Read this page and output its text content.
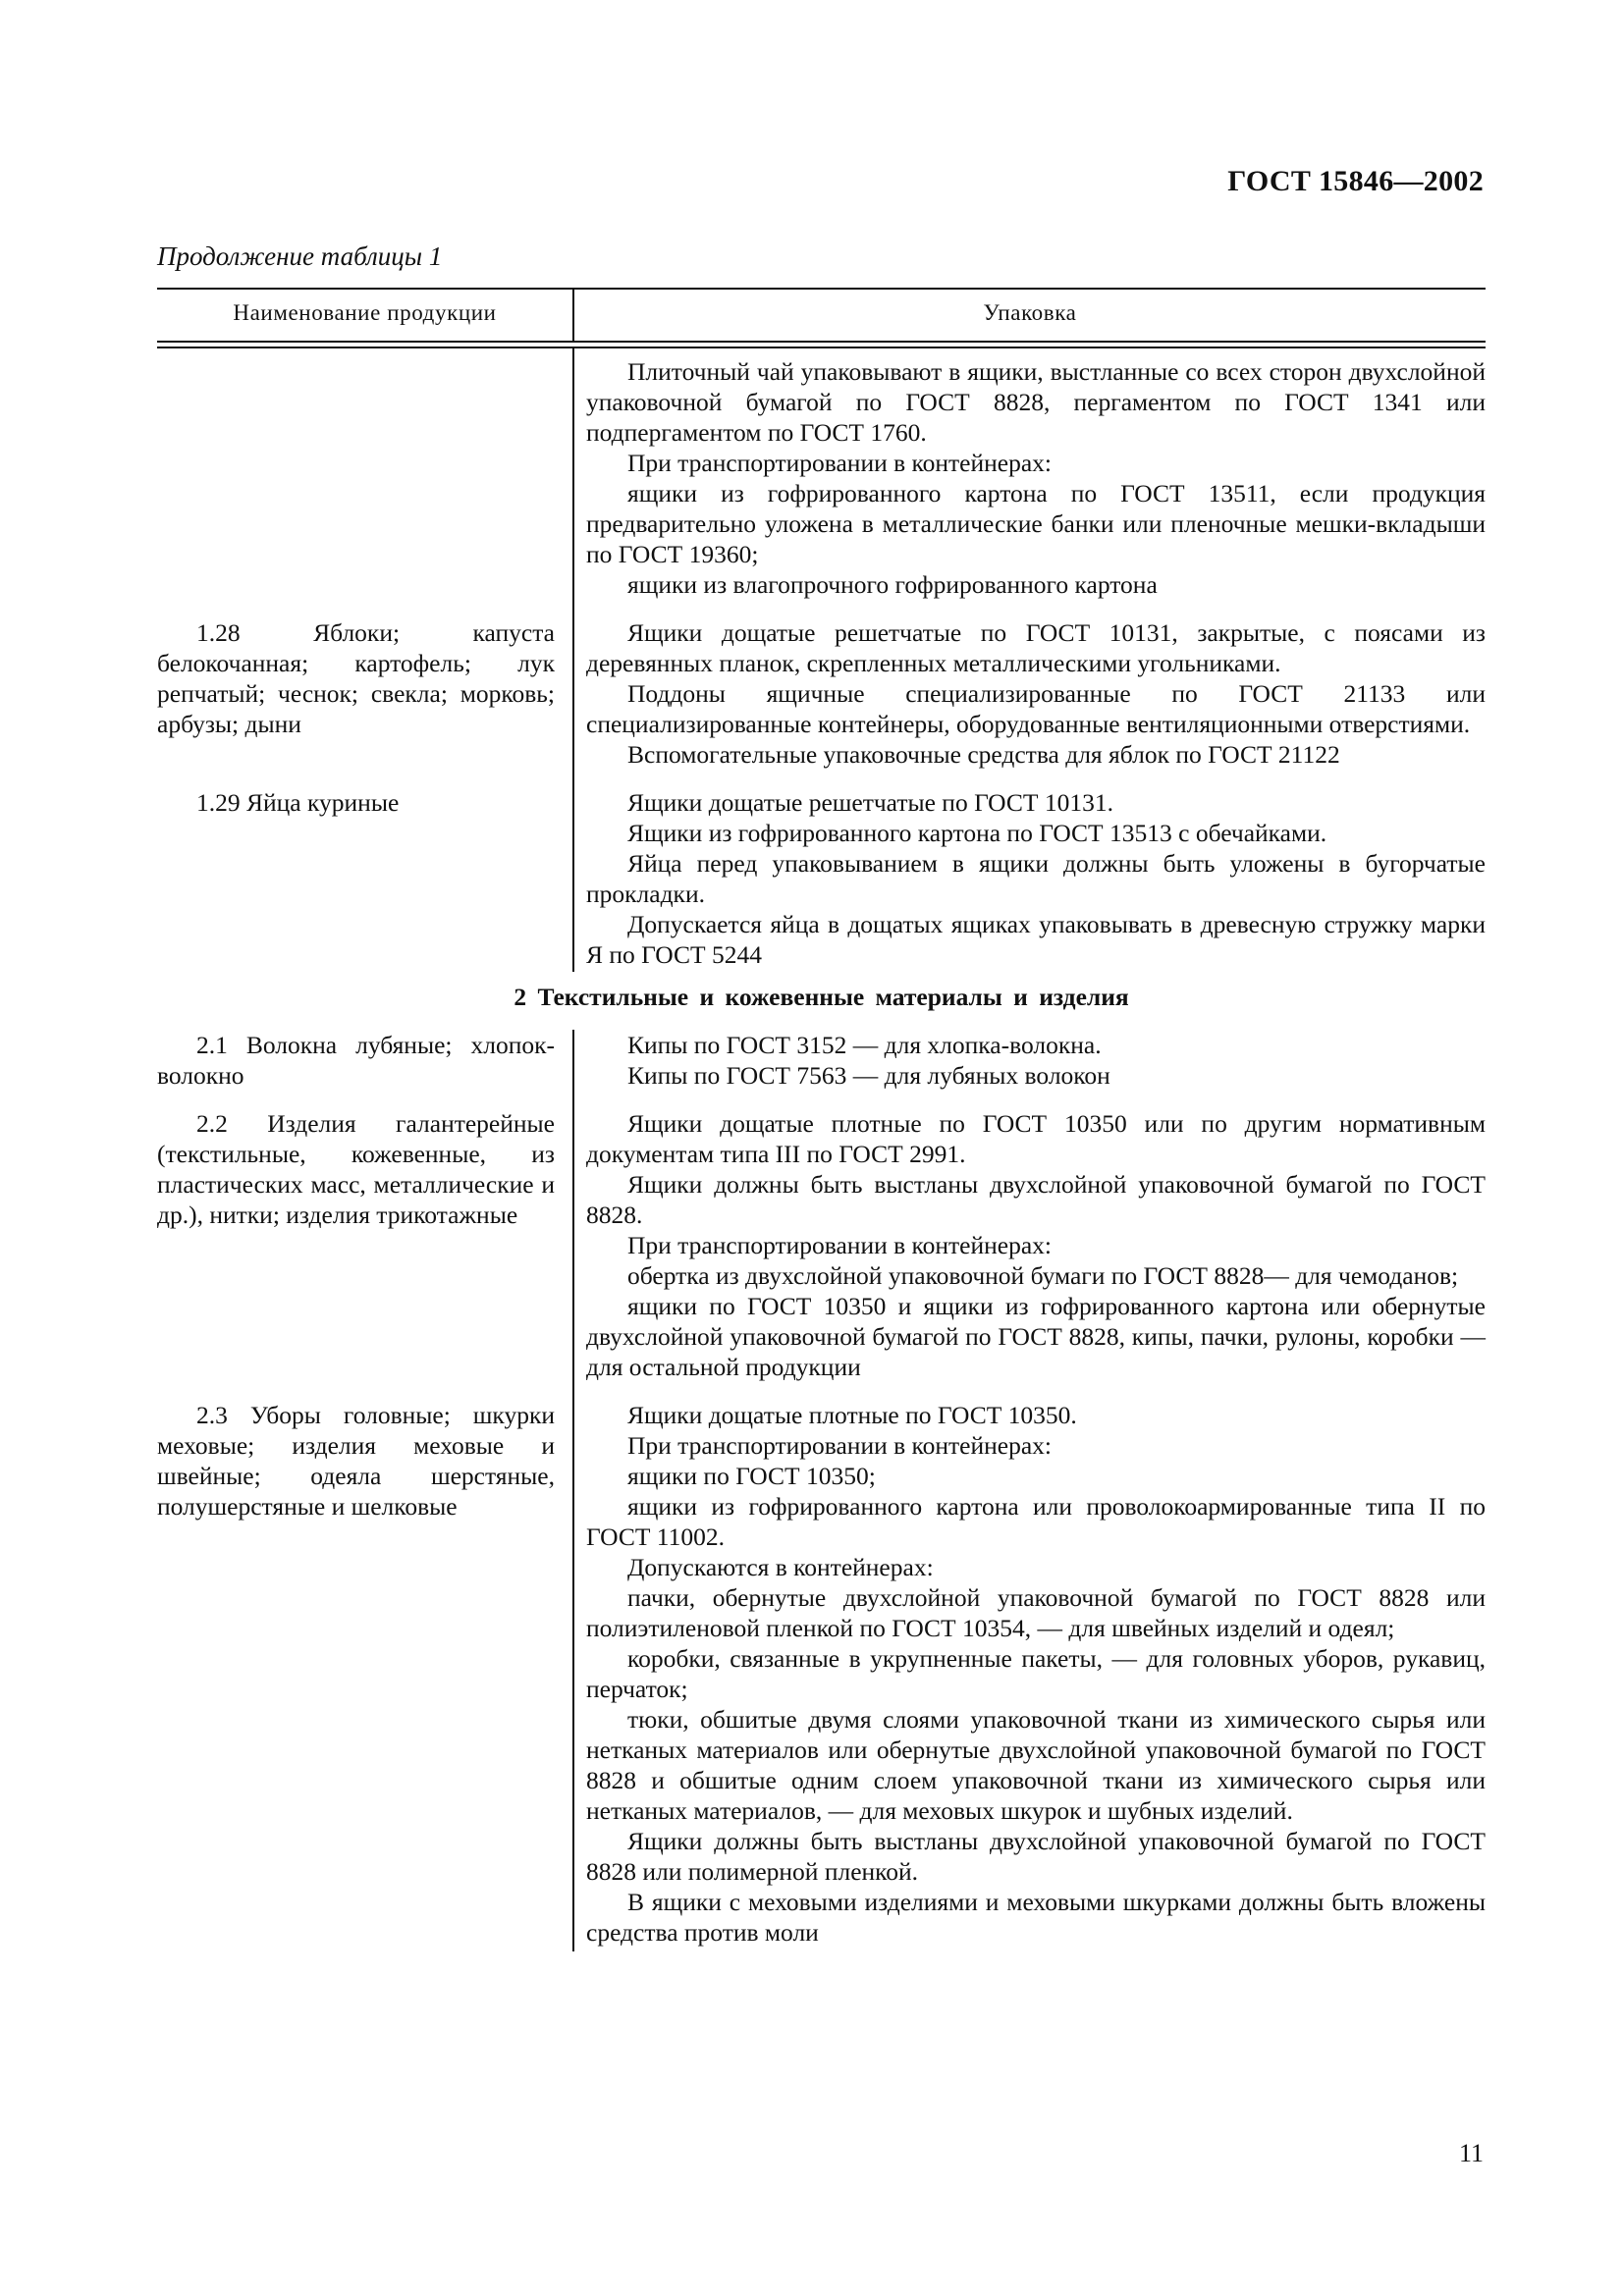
ГОСТ 15846—2002
Продолжение таблицы 1
Наименование продукции	Упаковка

Плиточный чай упаковывают в ящики, выстланные со всех сторон двухслойной упаковочной бумагой по ГОСТ 8828, пергаментом по ГОСТ 1341 или подпергаментом по ГОСТ 1760.

При транспортировании в контейнерах:

ящики из гофрированного картона по ГОСТ 13511, если продукция предварительно уложена в металлические банки или пленочные мешки-вкладыши по ГОСТ 19360;

ящики из влагопрочного гофрированного картона

1.28 Яблоки; капуста белокочанная; картофель; лук репчатый; чеснок; свекла; морковь; арбузы; дыни

Ящики дощатые решетчатые по ГОСТ 10131, закрытые, с поясами из деревянных планок, скрепленных металлическими угольниками.

Поддоны ящичные специализированные по ГОСТ 21133 или специализированные контейнеры, оборудованные вентиляционными отверстиями.

Вспомогательные упаковочные средства для яблок по ГОСТ 21122

1.29 Яйца куриные	Ящики дощатые решетчатые по ГОСТ 10131.

Ящики из гофрированного картона по ГОСТ 13513 с обечайками.

Яйца перед упаковыванием в ящики должны быть уложены в бугорчатые прокладки.

Допускается яйца в дощатых ящиках упаковывать в древесную стружку марки Я по ГОСТ 5244

2 Текстильные и кожевенные материалы и изделия
2.1 Волокна лубяные; хлопок-волокно

Кипы по ГОСТ 3152 — для хлопка-волокна.

Кипы по ГОСТ 7563 — для лубяных волокон

2.2 Изделия галантерейные (текстильные, кожевенные, из пластических масс, металлические и др.), нитки; изделия трикотажные

Ящики дощатые плотные по ГОСТ 10350 или по другим нормативным документам типа III по ГОСТ 2991.

Ящики должны быть выстланы двухслойной упаковочной бумагой по ГОСТ 8828.

При транспортировании в контейнерах:

обертка из двухслойной упаковочной бумаги по ГОСТ 8828— для чемоданов;

ящики по ГОСТ 10350 и ящики из гофрированного картона или обернутые двухслойной упаковочной бумагой по ГОСТ 8828, кипы, пачки, рулоны, коробки — для остальной продукции

2.3 Уборы головные; шкурки меховые; изделия меховые и швейные; одеяла шерстяные, полушерстяные и шелковые

Ящики дощатые плотные по ГОСТ 10350.

При транспортировании в контейнерах:

ящики по ГОСТ 10350;

ящики из гофрированного картона или проволокоармированные типа II по ГОСТ 11002.

Допускаются в контейнерах:

пачки, обернутые двухслойной упаковочной бумагой по ГОСТ 8828 или полиэтиленовой пленкой по ГОСТ 10354, — для швейных изделий и одеял;

коробки, связанные в укрупненные пакеты, — для головных уборов, рукавиц, перчаток;

тюки, обшитые двумя слоями упаковочной ткани из химического сырья или нетканых материалов или обернутые двухслойной упаковочной бумагой по ГОСТ 8828 и обшитые одним слоем упаковочной ткани из химического сырья или нетканых материалов, — для меховых шкурок и шубных изделий.

Ящики должны быть выстланы двухслойной упаковочной бумагой по ГОСТ 8828 или полимерной пленкой.

В ящики с меховыми изделиями и меховыми шкурками должны быть вложены средства против моли

11
